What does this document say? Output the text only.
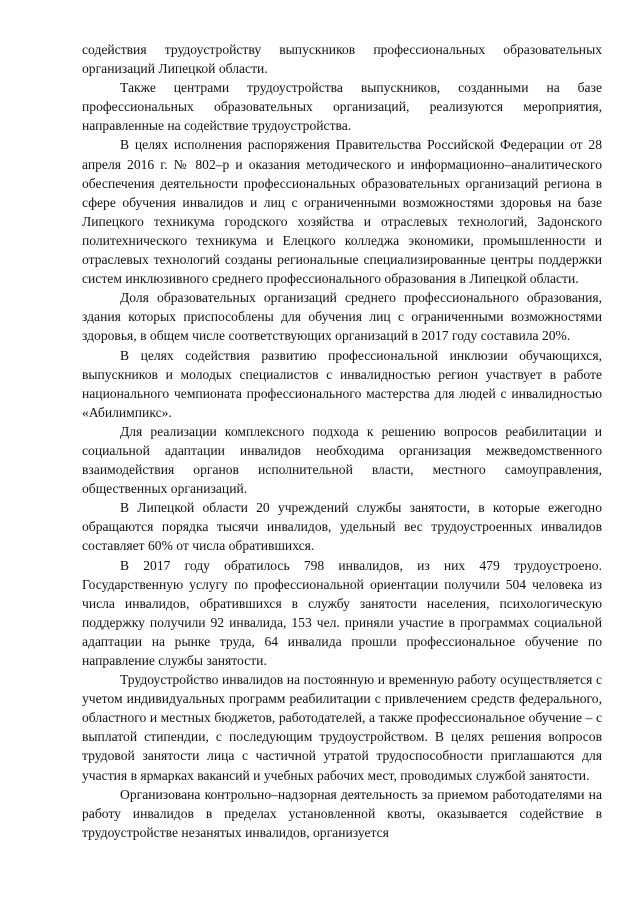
содействия трудоустройству выпускников профессиональных образовательных организаций Липецкой области.

Также центрами трудоустройства выпускников, созданными на базе профессиональных образовательных организаций, реализуются мероприятия, направленные на содействие трудоустройства.

В целях исполнения распоряжения Правительства Российской Федерации от 28 апреля 2016 г. № 802–р и оказания методического и информационно–аналитического обеспечения деятельности профессиональных образовательных организаций региона в сфере обучения инвалидов и лиц с ограниченными возможностями здоровья на базе Липецкого техникума городского хозяйства и отраслевых технологий, Задонского политехнического техникума и Елецкого колледжа экономики, промышленности и отраслевых технологий созданы региональные специализированные центры поддержки систем инклюзивного среднего профессионального образования в Липецкой области.

Доля образовательных организаций среднего профессионального образования, здания которых приспособлены для обучения лиц с ограниченными возможностями здоровья, в общем числе соответствующих организаций в 2017 году составила 20%.

В целях содействия развитию профессиональной инклюзии обучающихся, выпускников и молодых специалистов с инвалидностью регион участвует в работе национального чемпионата профессионального мастерства для людей с инвалидностью «Абилимпикс».

Для реализации комплексного подхода к решению вопросов реабилитации и социальной адаптации инвалидов необходима организация межведомственного взаимодействия органов исполнительной власти, местного самоуправления, общественных организаций.

В Липецкой области 20 учреждений службы занятости, в которые ежегодно обращаются порядка тысячи инвалидов, удельный вес трудоустроенных инвалидов составляет 60% от числа обратившихся.

В 2017 году обратилось 798 инвалидов, из них 479 трудоустроено. Государственную услугу по профессиональной ориентации получили 504 человека из числа инвалидов, обратившихся в службу занятости населения, психологическую поддержку получили 92 инвалида, 153 чел. приняли участие в программах социальной адаптации на рынке труда, 64 инвалида прошли профессиональное обучение по направление службы занятости.

Трудоустройство инвалидов на постоянную и временную работу осуществляется с учетом индивидуальных программ реабилитации с привлечением средств федерального, областного и местных бюджетов, работодателей, а также профессиональное обучение – с выплатой стипендии, с последующим трудоустройством. В целях решения вопросов трудовой занятости лица с частичной утратой трудоспособности приглашаются для участия в ярмарках вакансий и учебных рабочих мест, проводимых службой занятости.

Организована контрольно–надзорная деятельность за приемом работодателями на работу инвалидов в пределах установленной квоты, оказывается содействие в трудоустройстве незанятых инвалидов, организуется
